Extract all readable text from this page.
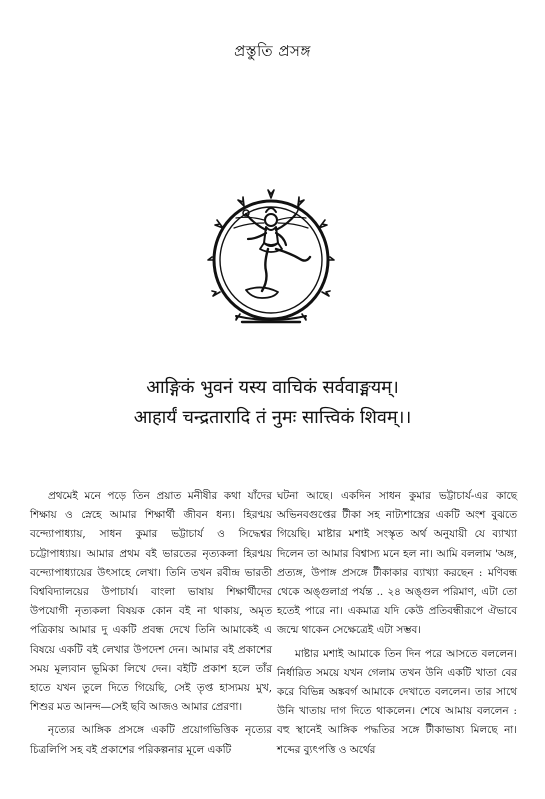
প্রস্তুতি প্রসঙ্গ
आङ्गिकं भुवनं यस्य वाचिकं सर्ववाङ्मयम्।
आहार्यं चन्द्रतारादि तं नुमः सात्त्विकं शिवम्।।

প্রথমেই মনে পড়ে তিন প্রয়াত মনীষীর কথা যাঁদের শিক্ষায় ও স্নেহে আমার শিক্ষার্থী জীবন ধন্য। হিরণ্ময় বন্দ্যোপাধ্যায়, সাধন কুমার ভট্টাচার্য ও সিদ্ধেশ্বর চট্টোপাধ্যায়। আমার প্রথম বই ভারতের নৃত্যকলা হিরণ্ময় বন্দ্যোপাধ্যায়ের উৎসাহে লেখা। তিনি তখন রবীন্দ্র ভারতী বিশ্ববিদ্যালয়ের উপাচার্য। বাংলা ভাষায় শিক্ষার্থীদের উপযোগী নৃত্যকলা বিষয়ক কোন বই না থাকায়, অমৃত পত্রিকায় আমার দু একটি প্রবন্ধ দেখে তিনি আমাকেই এ বিষয়ে একটি বই লেখার উপদেশ দেন। আমার বই প্রকাশের সময় মূল্যবান ভূমিকা লিখে দেন। বইটি প্রকাশ হলে তাঁর হাতে যখন তুলে দিতে গিয়েছি, সেই তৃপ্ত হাস্যময় মুখ, শিশুর মত আনন্দ—সেই ছবি আজও আমার প্রেরণা।

নৃত্যের আঙ্গিক প্রসঙ্গে একটি প্রয়োগভিত্তিক নৃত্যের চিত্রলিপি সহ বই প্রকাশের পরিকল্পনার মূলে একটি

ঘটনা আছে। একদিন সাধন কুমার ভট্টাচার্য-এর কাছে অভিনবগুপ্তের টীকা সহ নাট্যশাস্ত্রের একটি অংশ বুঝতে গিয়েছি। মাষ্টার মশাই সংস্কৃত অর্থ অনুযায়ী যে ব্যাখ্যা দিলেন তা আমার বিশ্বাস্য মনে হল না। আমি বললাম 'অঙ্গ, প্রত্যঙ্গ, উপাঙ্গ প্রসঙ্গে টীকাকার ব্যাখ্যা করছেন : মণিবন্ধ থেকে অঙ্গুলাগ্র পর্যন্ত .. ২৪ অঙ্গুল পরিমাণ, এটা তো হতেই পারে না। একমাত্র যদি কেউ প্রতিবন্ধীরূপে ঐভাবে জন্মে থাকেন সেক্ষেত্রেই এটা সম্ভব।

মাষ্টার মশাই আমাকে তিন দিন পরে আসতে বললেন। নির্ধারিত সময়ে যখন গেলাম তখন উনি একটি খাতা বের করে বিভিন্ন অঙ্কবর্গ আমাকে দেখাতে বললেন। তার সাথে উনি খাতায় দাগ দিতে থাকলেন। শেষে আমায় বললেন : বহু স্থানেই আঙ্গিক পদ্ধতির সঙ্গে টীকাভাষ্য মিলছে না। শব্দের ব্যুৎপত্তি ও অর্থের
